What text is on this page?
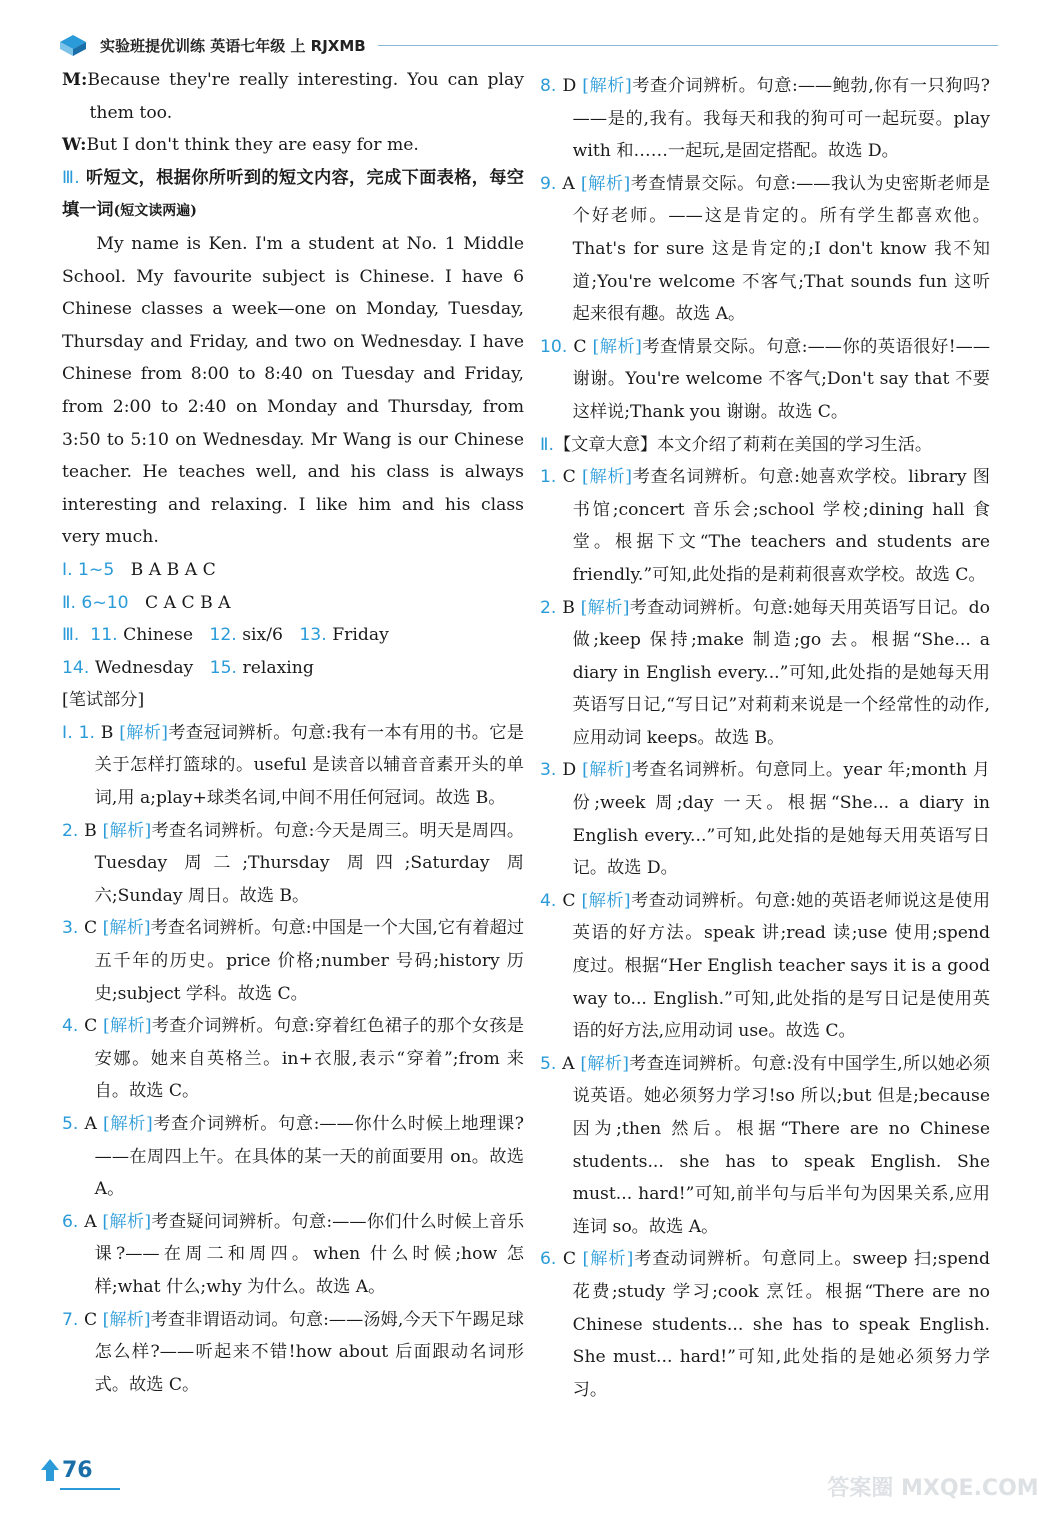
实验班提优训练 英语七年级 上 RJXMB

M:Because they're really interesting. You can play them too.

W:But I don't think they are easy for me.

Ⅲ. 听短文，根据你所听到的短文内容，完成下面表格，每空填一词(短文读两遍)

My name is Ken. I'm a student at No. 1 Middle School. My favourite subject is Chinese. I have 6 Chinese classes a week—one on Monday, Tuesday, Thursday and Friday, and two on Wednesday. I have Chinese from 8:00 to 8:40 on Tuesday and Friday, from 2:00 to 2:40 on Monday and Thursday, from 3:50 to 5:10 on Wednesday. Mr Wang is our Chinese teacher. He teaches well, and his class is always interesting and relaxing. I like him and his class very much.

Ⅰ. 1~5 B A B A C

Ⅱ. 6~10 C A C B A

Ⅲ. 11. Chinese 12. six/6 13. Friday

14. Wednesday 15. relaxing

[笔试部分]

Ⅰ. 1. B [解析]考查冠词辨析。句意:我有一本有用的书。它是关于怎样打篮球的。useful 是读音以辅音音素开头的单词,用 a;play+球类名词,中间不用任何冠词。故选 B。

2. B [解析]考查名词辨析。句意:今天是周三。明天是周四。Tuesday 周二;Thursday 周四;Saturday 周六;Sunday 周日。故选 B。

3. C [解析]考查名词辨析。句意:中国是一个大国,它有着超过五千年的历史。price 价格;number 号码;history 历史;subject 学科。故选 C。

4. C [解析]考查介词辨析。句意:穿着红色裙子的那个女孩是安娜。她来自英格兰。in+衣服,表示“穿着”;from 来自。故选 C。

5. A [解析]考查介词辨析。句意:——你什么时候上地理课?——在周四上午。在具体的某一天的前面要用 on。故选 A。

6. A [解析]考查疑问词辨析。句意:——你们什么时候上音乐课?——在周二和周四。when 什么时候;how 怎样;what 什么;why 为什么。故选 A。

7. C [解析]考查非谓语动词。句意:——汤姆,今天下午踢足球怎么样?——听起来不错!how about 后面跟动名词形式。故选 C。

8. D [解析]考查介词辨析。句意:——鲍勃,你有一只狗吗?——是的,我有。我每天和我的狗可可一起玩耍。play with 和……一起玩,是固定搭配。故选 D。

9. A [解析]考查情景交际。句意:——我认为史密斯老师是个好老师。——这是肯定的。所有学生都喜欢他。That's for sure 这是肯定的;I don't know 我不知道;You're welcome 不客气;That sounds fun 这听起来很有趣。故选 A。

10. C [解析]考查情景交际。句意:——你的英语很好!——谢谢。You're welcome 不客气;Don't say that 不要这样说;Thank you 谢谢。故选 C。

Ⅱ.【文章大意】本文介绍了莉莉在美国的学习生活。

1. C [解析]考查名词辨析。句意:她喜欢学校。library 图书馆;concert 音乐会;school 学校;dining hall 食堂。根据下文“The teachers and students are friendly.”可知,此处指的是莉莉很喜欢学校。故选 C。

2. B [解析]考查动词辨析。句意:她每天用英语写日记。do 做;keep 保持;make 制造;go 去。根据“She... a diary in English every...”可知,此处指的是她每天用英语写日记,“写日记”对莉莉来说是一个经常性的动作,应用动词 keeps。故选 B。

3. D [解析]考查名词辨析。句意同上。year 年;month 月份;week 周;day 一天。根据“She... a diary in English every...”可知,此处指的是她每天用英语写日记。故选 D。

4. C [解析]考查动词辨析。句意:她的英语老师说这是使用英语的好方法。speak 讲;read 读;use 使用;spend 度过。根据“Her English teacher says it is a good way to... English.”可知,此处指的是写日记是使用英语的好方法,应用动词 use。故选 C。

5. A [解析]考查连词辨析。句意:没有中国学生,所以她必须说英语。她必须努力学习!so 所以;but 但是;because 因为;then 然后。根据“There are no Chinese students... she has to speak English. She must... hard!”可知,前半句与后半句为因果关系,应用连词 so。故选 A。

6. C [解析]考查动词辨析。句意同上。sweep 扫;spend 花费;study 学习;cook 烹饪。根据“There are no Chinese students... she has to speak English. She must... hard!”可知,此处指的是她必须努力学习。

76
答案圈 MXQE.COM
